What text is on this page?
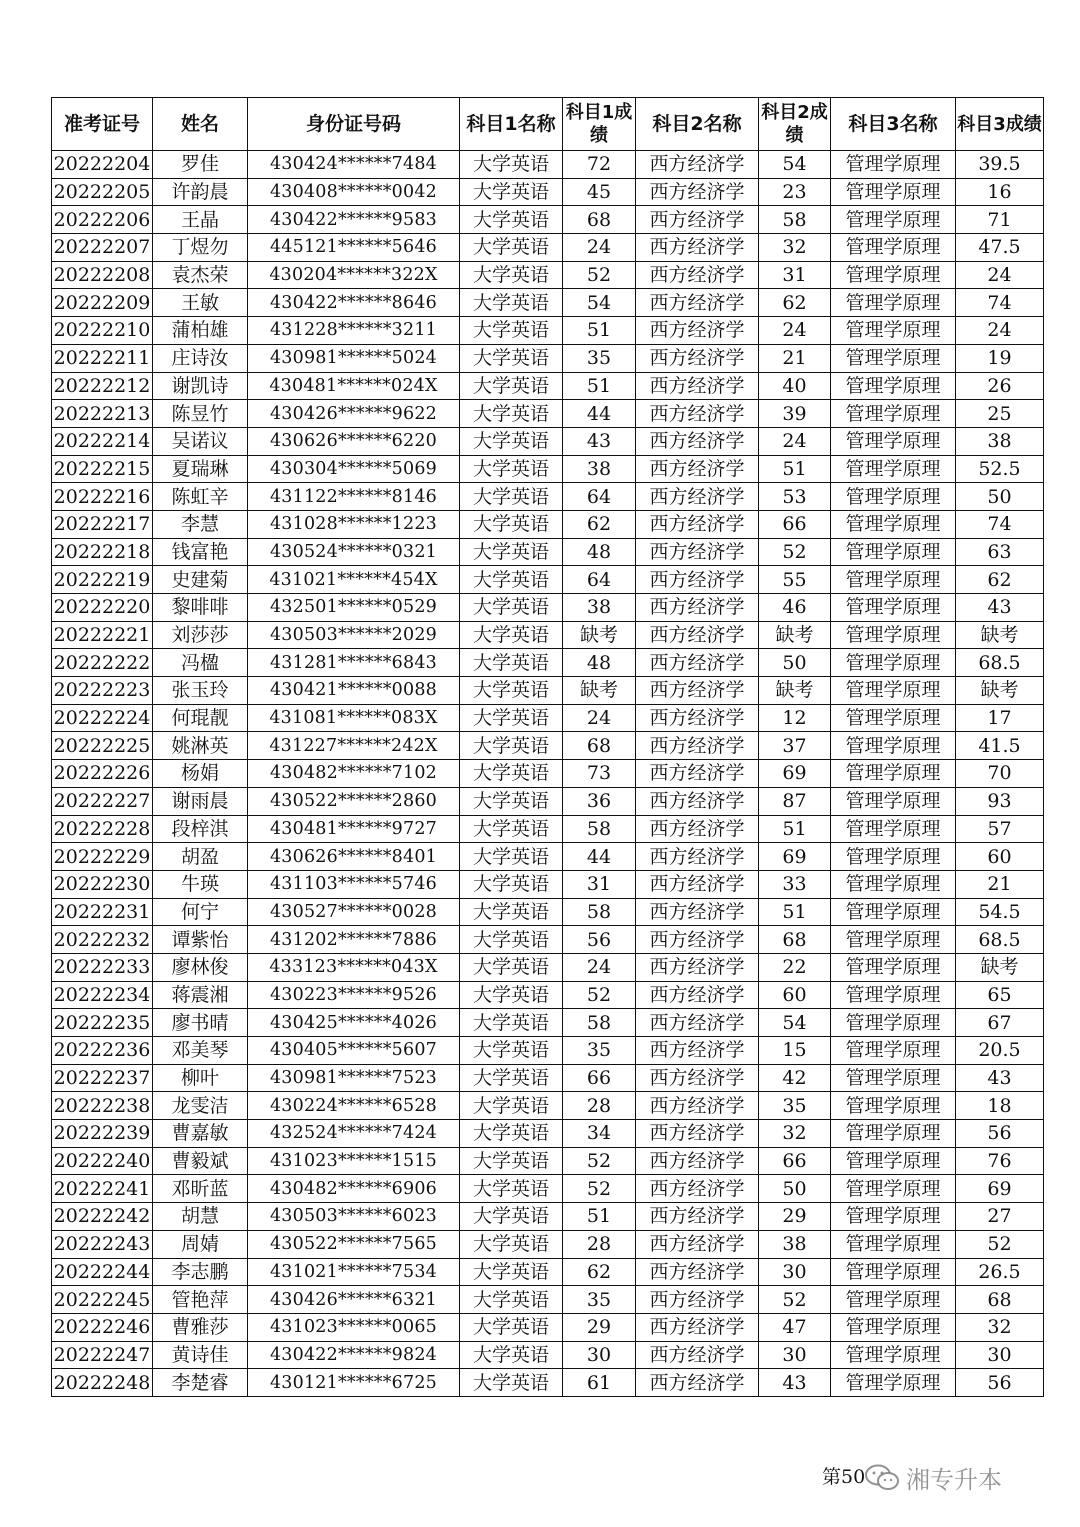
准考证号	姓名	身份证号码	科目1名称	科目1成绩	科目2名称	科目2成绩	科目3名称	科目3成绩
20222204	罗佳	430424******7484	大学英语	72	西方经济学	54	管理学原理	39.5
20222205	许韵晨	430408******0042	大学英语	45	西方经济学	23	管理学原理	16
20222206	王晶	430422******9583	大学英语	68	西方经济学	58	管理学原理	71
20222207	丁煜勿	445121******5646	大学英语	24	西方经济学	32	管理学原理	47.5
20222208	袁杰荣	430204******322X	大学英语	52	西方经济学	31	管理学原理	24
20222209	王敏	430422******8646	大学英语	54	西方经济学	62	管理学原理	74
20222210	蒲柏雄	431228******3211	大学英语	51	西方经济学	24	管理学原理	24
20222211	庄诗汝	430981******5024	大学英语	35	西方经济学	21	管理学原理	19
20222212	谢凯诗	430481******024X	大学英语	51	西方经济学	40	管理学原理	26
20222213	陈昱竹	430426******9622	大学英语	44	西方经济学	39	管理学原理	25
20222214	吴诺议	430626******6220	大学英语	43	西方经济学	24	管理学原理	38
20222215	夏瑞琳	430304******5069	大学英语	38	西方经济学	51	管理学原理	52.5
20222216	陈虹辛	431122******8146	大学英语	64	西方经济学	53	管理学原理	50
20222217	李慧	431028******1223	大学英语	62	西方经济学	66	管理学原理	74
20222218	钱富艳	430524******0321	大学英语	48	西方经济学	52	管理学原理	63
20222219	史建菊	431021******454X	大学英语	64	西方经济学	55	管理学原理	62
20222220	黎啡啡	432501******0529	大学英语	38	西方经济学	46	管理学原理	43
20222221	刘莎莎	430503******2029	大学英语	缺考	西方经济学	缺考	管理学原理	缺考
20222222	冯楹	431281******6843	大学英语	48	西方经济学	50	管理学原理	68.5
20222223	张玉玲	430421******0088	大学英语	缺考	西方经济学	缺考	管理学原理	缺考
20222224	何琨靓	431081******083X	大学英语	24	西方经济学	12	管理学原理	17
20222225	姚淋英	431227******242X	大学英语	68	西方经济学	37	管理学原理	41.5
20222226	杨娟	430482******7102	大学英语	73	西方经济学	69	管理学原理	70
20222227	谢雨晨	430522******2860	大学英语	36	西方经济学	87	管理学原理	93
20222228	段梓淇	430481******9727	大学英语	58	西方经济学	51	管理学原理	57
20222229	胡盈	430626******8401	大学英语	44	西方经济学	69	管理学原理	60
20222230	牛瑛	431103******5746	大学英语	31	西方经济学	33	管理学原理	21
20222231	何宁	430527******0028	大学英语	58	西方经济学	51	管理学原理	54.5
20222232	谭紫怡	431202******7886	大学英语	56	西方经济学	68	管理学原理	68.5
20222233	廖林俊	433123******043X	大学英语	24	西方经济学	22	管理学原理	缺考
20222234	蒋震湘	430223******9526	大学英语	52	西方经济学	60	管理学原理	65
20222235	廖书晴	430425******4026	大学英语	58	西方经济学	54	管理学原理	67
20222236	邓美琴	430405******5607	大学英语	35	西方经济学	15	管理学原理	20.5
20222237	柳叶	430981******7523	大学英语	66	西方经济学	42	管理学原理	43
20222238	龙雯洁	430224******6528	大学英语	28	西方经济学	35	管理学原理	18
20222239	曹嘉敏	432524******7424	大学英语	34	西方经济学	32	管理学原理	56
20222240	曹毅斌	431023******1515	大学英语	52	西方经济学	66	管理学原理	76
20222241	邓昕蓝	430482******6906	大学英语	52	西方经济学	50	管理学原理	69
20222242	胡慧	430503******6023	大学英语	51	西方经济学	29	管理学原理	27
20222243	周婧	430522******7565	大学英语	28	西方经济学	38	管理学原理	52
20222244	李志鹏	431021******7534	大学英语	62	西方经济学	30	管理学原理	26.5
20222245	管艳萍	430426******6321	大学英语	35	西方经济学	52	管理学原理	68
20222246	曹雅莎	431023******0065	大学英语	29	西方经济学	47	管理学原理	32
20222247	黄诗佳	430422******9824	大学英语	30	西方经济学	30	管理学原理	30
20222248	李楚睿	430121******6725	大学英语	61	西方经济学	43	管理学原理	56
第50 湘专升本
